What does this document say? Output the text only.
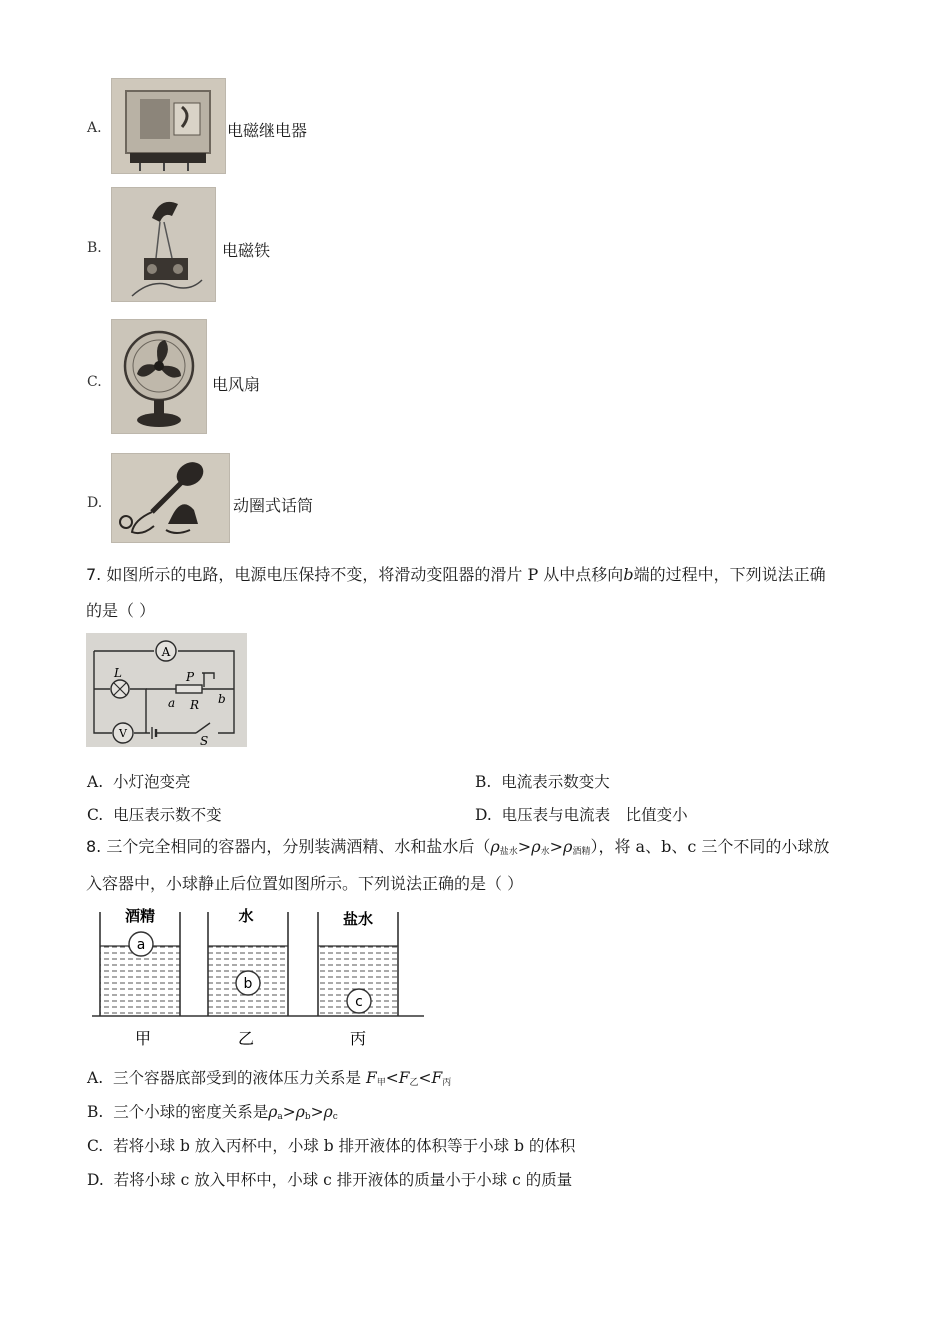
A.	电磁继电器
B.	电磁铁
C.	电风扇
D.	动圈式话筒
7. 如图所示的电路，电源电压保持不变，将滑动变阻器的滑片 P 从中点移向b端的过程中，下列说法正确
的是（ ）
A
V
L	P
a R b
S
A. 小灯泡变亮	B. 电流表示数变大
C. 电压表示数不变	D. 电压表与电流表　比值变小
8. 三个完全相同的容器内，分别装满酒精、水和盐水后$(\rho_{盐水}>\rho_水>\rho_{酒精})$，将 a、b、c 三个不同的小球放
入容器中，小球静止后位置如图所示。下列说法正确的是（ ）
a
酒精
甲
b
水
乙
c
盐水
丙
A. 三个容器底部受到的液体压力关系是 $F_甲<F_乙<F_丙$
B. 三个小球的密度关系是$\rho_a>\rho_b>\rho_c$
C. 若将小球 b 放入丙杯中，小球 b 排开液体的体积等于小球 b 的体积
D. 若将小球 c 放入甲杯中，小球 c 排开液体的质量小于小球 c 的质量
